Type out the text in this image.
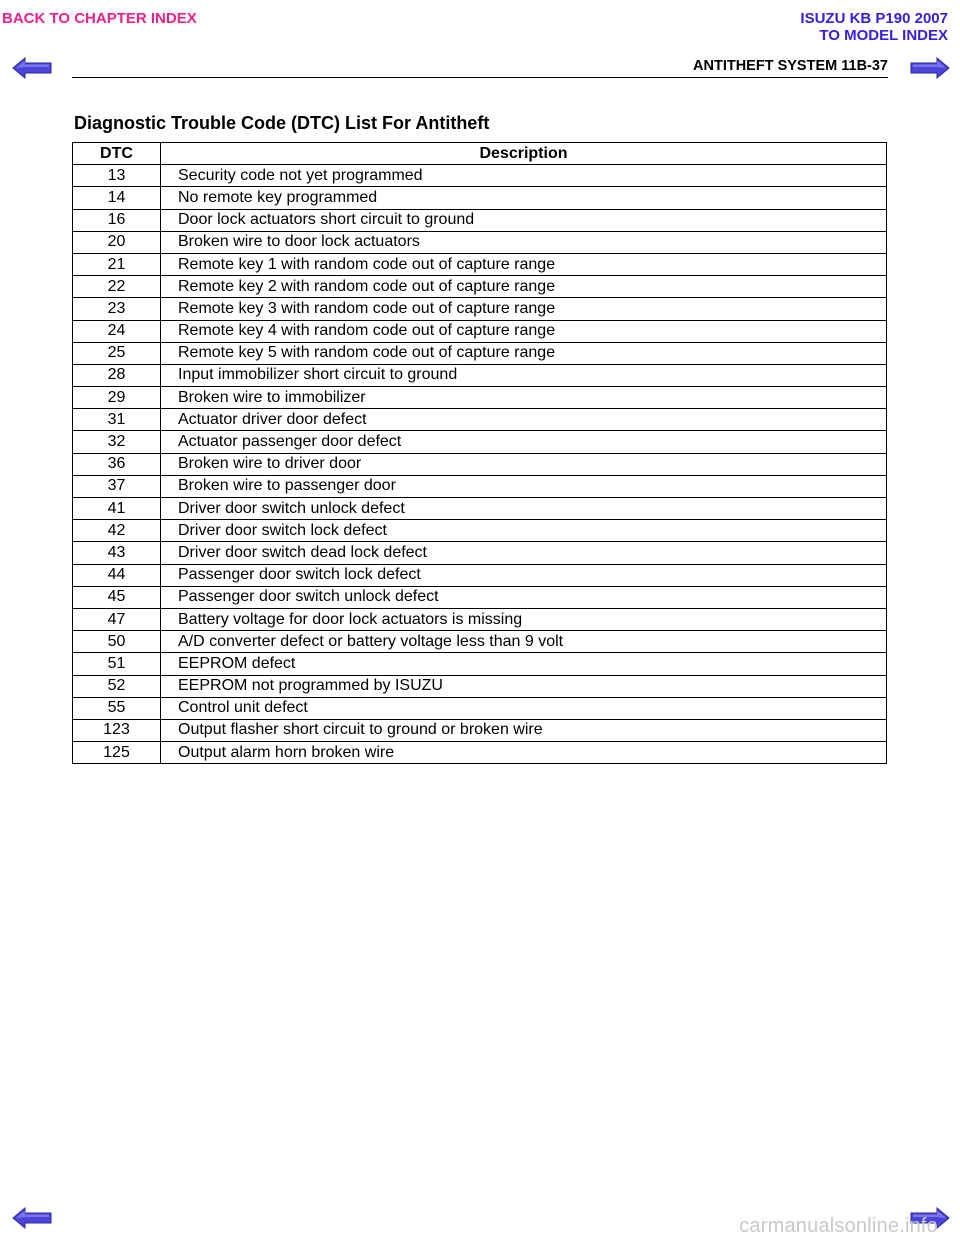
BACK TO CHAPTER INDEX	ISUZU KB P190 2007
TO MODEL INDEX
ANTITHEFT SYSTEM 11B-37
Diagnostic Trouble Code (DTC) List For Antitheft
DTC	Description
13	Security code not yet programmed
14	No remote key programmed
16	Door lock actuators short circuit to ground
20	Broken wire to door lock actuators
21	Remote key 1 with random code out of capture range
22	Remote key 2 with random code out of capture range
23	Remote key 3 with random code out of capture range
24	Remote key 4 with random code out of capture range
25	Remote key 5 with random code out of capture range
28	Input immobilizer short circuit to ground
29	Broken wire to immobilizer
31	Actuator driver door defect
32	Actuator passenger door defect
36	Broken wire to driver door
37	Broken wire to passenger door
41	Driver door switch unlock defect
42	Driver door switch lock defect
43	Driver door switch dead lock defect
44	Passenger door switch lock defect
45	Passenger door switch unlock defect
47	Battery voltage for door lock actuators is missing
50	A/D converter defect or battery voltage less than 9 volt
51	EEPROM defect
52	EEPROM not programmed by ISUZU
55	Control unit defect
123	Output flasher short circuit to ground or broken wire
125	Output alarm horn broken wire
carmanualsonline.info
